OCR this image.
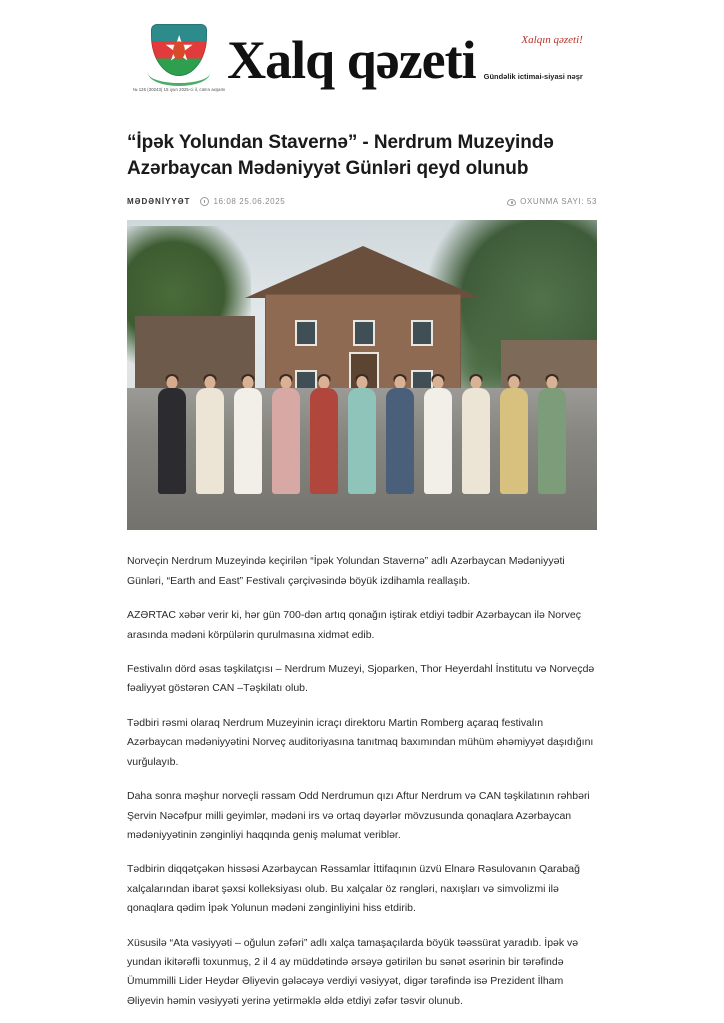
№ 126 (30243) 15 iyun 2025-ci il, cümə axşamı Xalq qəzeti	Xalqın qəzeti!
Gündəlik ictimai-siyasi nəşr
“İpək Yolundan Stavernə” - Nerdrum Muzeyində Azərbaycan Mədəniyyət Günləri qeyd olunub
MƏDƏNİYYƏT	16:08 25.06.2025	OXUNMA SAYI: 53

Norveçin Nerdrum Muzeyində keçirilən “İpək Yolundan Stavernə” adlı Azərbaycan Mədəniyyəti Günləri, “Earth and East” Festivalı çərçivəsində böyük izdihamla reallaşıb.

AZƏRTAC xəbər verir ki, hər gün 700-dən artıq qonağın iştirak etdiyi tədbir Azərbaycan ilə Norveç arasında mədəni körpülərin qurulmasına xidmət edib.

Festivalın dörd əsas təşkilatçısı – Nerdrum Muzeyi, Sjoparken, Thor Heyerdahl İnstitutu və Norveçdə fəaliyyət göstərən CAN –Təşkilatı olub.

Tədbiri rəsmi olaraq Nerdrum Muzeyinin icraçı direktoru Martin Romberg açaraq festivalın Azərbaycan mədəniyyətini Norveç auditoriyasına tanıtmaq baxımından mühüm əhəmiyyət daşıdığını vurğulayıb.

Daha sonra məşhur norveçli rəssam Odd Nerdrumun qızı Aftur Nerdrum və CAN təşkilatının rəhbəri Şervin Nəcəfpur milli geyimlər, mədəni irs və ortaq dəyərlər mövzusunda qonaqlara Azərbaycan mədəniyyətinin zənginliyi haqqında geniş məlumat veriblər.

Tədbirin diqqətçəkən hissəsi Azərbaycan Rəssamlar İttifaqının üzvü Elnarə Rəsulovanın Qarabağ xalçalarından ibarət şəxsi kolleksiyası olub. Bu xalçalar öz rəngləri, naxışları və simvolizmi ilə qonaqlara qədim İpək Yolunun mədəni zənginliyini hiss etdirib.

Xüsusilə “Ata vəsiyyəti – oğulun zəfəri” adlı xalça tamaşaçılarda böyük təəssürat yaradıb. İpək və yundan ikitərəfli toxunmuş, 2 il 4 ay müddətində ərsəyə gətirilən bu sənət əsərinin bir tərəfində Ümummilli Lider Heydər Əliyevin gələcəyə verdiyi vəsiyyət, digər tərəfində isə Prezident İlham Əliyevin həmin vəsiyyəti yerinə yetirməklə əldə etdiyi zəfər təsvir olunub.
